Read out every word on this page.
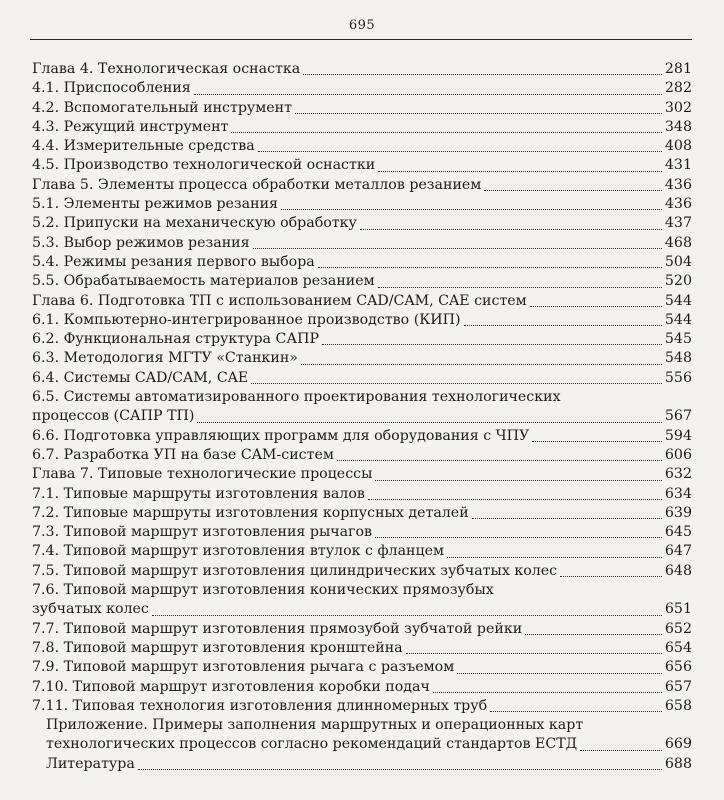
695
Глава 4. Технологическая оснастка	281
4.1. Приспособления	282
4.2. Вспомогательный инструмент	302
4.3. Режущий инструмент	348
4.4. Измерительные средства	408
4.5. Производство технологической оснастки	431
Глава 5. Элементы процесса обработки металлов резанием	436
5.1. Элементы режимов резания	436
5.2. Припуски на механическую обработку	437
5.3. Выбор режимов резания	468
5.4. Режимы резания первого выбора	504
5.5. Обрабатываемость материалов резанием	520
Глава 6. Подготовка ТП с использованием CAD/CAM, CAE систем	544
6.1. Компьютерно-интегрированное производство (КИП)	544
6.2. Функциональная структура САПР	545
6.3. Методология МГТУ «Станкин»	548
6.4. Системы CAD/CAM, CAE	556
6.5. Системы автоматизированного проектирования технологических
процессов (САПР ТП)	567
6.6. Подготовка управляющих программ для оборудования с ЧПУ	594
6.7. Разработка УП на базе CAM-систем	606
Глава 7. Типовые технологические процессы	632
7.1. Типовые маршруты изготовления валов	634
7.2. Типовые маршруты изготовления корпусных деталей	639
7.3. Типовой маршрут изготовления рычагов	645
7.4. Типовой маршрут изготовления втулок с фланцем	647
7.5. Типовой маршрут изготовления цилиндрических зубчатых колес	648
7.6. Типовой маршрут изготовления конических прямозубых
зубчатых колес	651
7.7. Типовой маршрут изготовления прямозубой зубчатой рейки	652
7.8. Типовой маршрут изготовления кронштейна	654
7.9. Типовой маршрут изготовления рычага с разъемом	656
7.10. Типовой маршрут изготовления коробки подач	657
7.11. Типовая технология изготовления длинномерных труб	658
Приложение. Примеры заполнения маршрутных и операционных карт
технологических процессов согласно рекомендаций стандартов ЕСТД	669
Литература	688
